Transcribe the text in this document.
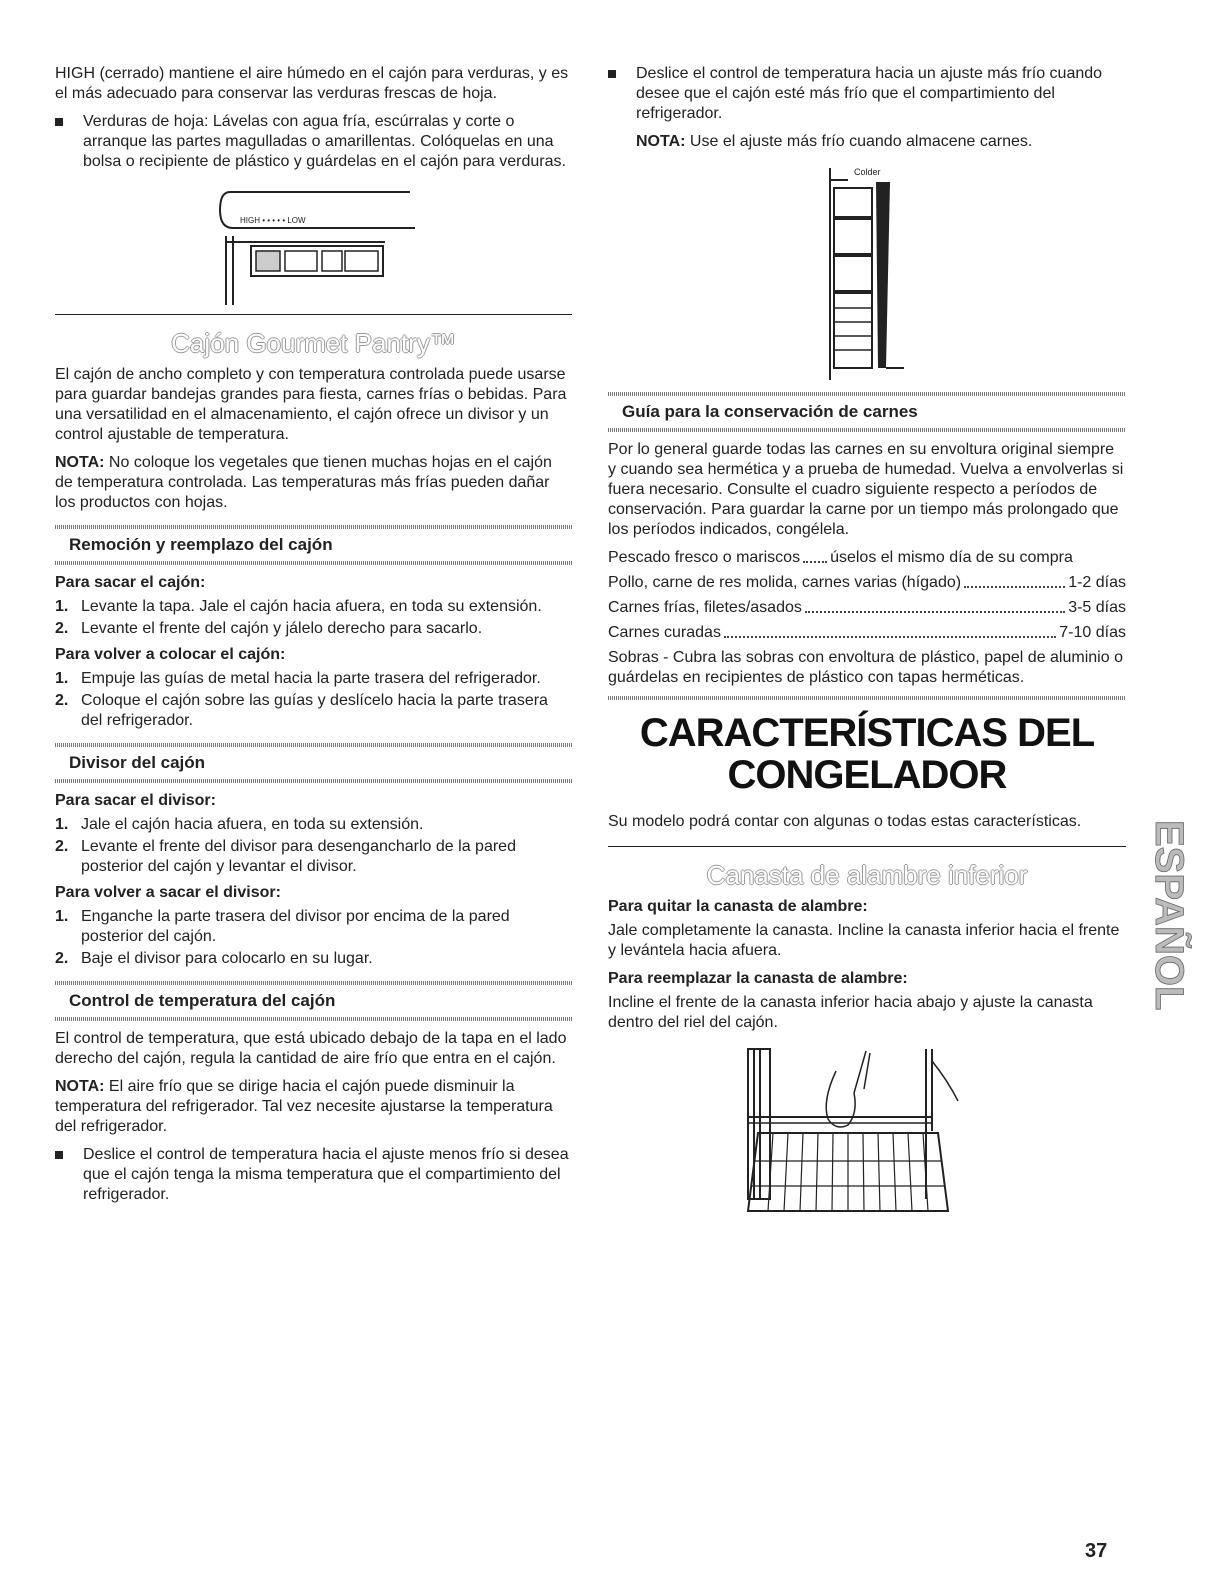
HIGH (cerrado) mantiene el aire húmedo en el cajón para verduras, y es el más adecuado para conservar las verduras frescas de hoja.

Verduras de hoja: Lávelas con agua fría, escúrralas y corte o arranque las partes magulladas o amarillentas. Colóquelas en una bolsa o recipiente de plástico y guárdelas en el cajón para verduras.
HIGH • • • • • LOW
Cajón Gourmet Pantry™

El cajón de ancho completo y con temperatura controlada puede usarse para guardar bandejas grandes para fiesta, carnes frías o bebidas. Para una versatilidad en el almacenamiento, el cajón ofrece un divisor y un control ajustable de temperatura.

NOTA: No coloque los vegetales que tienen muchas hojas en el cajón de temperatura controlada. Las temperaturas más frías pueden dañar los productos con hojas.

Remoción y reemplazo del cajón
Para sacar el cajón:
1. Levante la tapa. Jale el cajón hacia afuera, en toda su extensión.
2. Levante el frente del cajón y jálelo derecho para sacarlo.
Para volver a colocar el cajón:
1. Empuje las guías de metal hacia la parte trasera del refrigerador.
2. Coloque el cajón sobre las guías y deslícelo hacia la parte trasera del refrigerador.
Divisor del cajón
Para sacar el divisor:
1. Jale el cajón hacia afuera, en toda su extensión.
2. Levante el frente del divisor para desengancharlo de la pared posterior del cajón y levantar el divisor.
Para volver a sacar el divisor:
1. Enganche la parte trasera del divisor por encima de la pared posterior del cajón.
2. Baje el divisor para colocarlo en su lugar.
Control de temperatura del cajón

El control de temperatura, que está ubicado debajo de la tapa en el lado derecho del cajón, regula la cantidad de aire frío que entra en el cajón.

NOTA: El aire frío que se dirige hacia el cajón puede disminuir la temperatura del refrigerador. Tal vez necesite ajustarse la temperatura del refrigerador.

Deslice el control de temperatura hacia el ajuste menos frío si desea que el cajón tenga la misma temperatura que el compartimiento del refrigerador.
Deslice el control de temperatura hacia un ajuste más frío cuando desee que el cajón esté más frío que el compartimiento del refrigerador.

NOTA: Use el ajuste más frío cuando almacene carnes.

Colder
Guía para la conservación de carnes

Por lo general guarde todas las carnes en su envoltura original siempre y cuando sea hermética y a prueba de humedad. Vuelva a envolverlas si fuera necesario. Consulte el cuadro siguiente respecto a períodos de conservación. Para guardar la carne por un tiempo más prolongado que los períodos indicados, congélela.

Pescado fresco o mariscos úselos el mismo día de su compra
Pollo, carne de res molida, carnes varias (hígado)	1-2 días
Carnes frías, filetes/asados	3-5 días
Carnes curadas	7-10 días

Sobras - Cubra las sobras con envoltura de plástico, papel de aluminio o guárdelas en recipientes de plástico con tapas herméticas.

CARACTERÍSTICAS DEL
CONGELADOR

Su modelo podrá contar con algunas o todas estas características.

Canasta de alambre inferior
Para quitar la canasta de alambre:

Jale completamente la canasta. Incline la canasta inferior hacia el frente y levántela hacia afuera.

Para reemplazar la canasta de alambre:

Incline el frente de la canasta inferior hacia abajo y ajuste la canasta dentro del riel del cajón.

ESPAÑOL
37
